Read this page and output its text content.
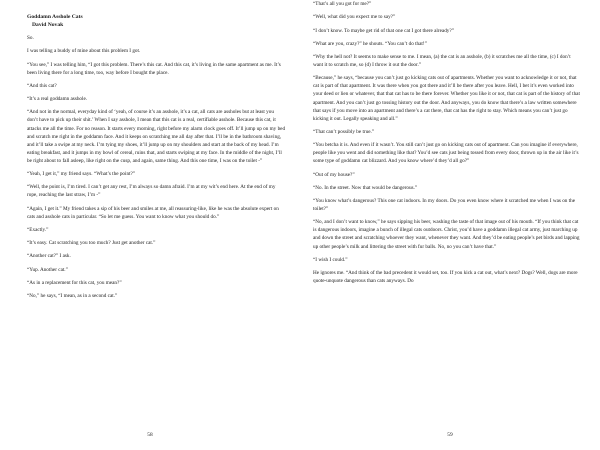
Goddamn Asshole Cats

David Novak

So.

I was telling a buddy of mine about this problem I got.

“You see,” I was telling him, “I got this problem. There’s this cat. And this cat, it’s living in the same apartment as me. It’s been living there for a long time, too, way before I bought the place.

“And this cat?

“It’s a real goddamn asshole.

“And not in the normal, everyday kind of ‘yeah, of course it’s an asshole, it’s a cat, all cats are assholes but at least you don’t have to pick up their shit.’ When I say asshole, I mean that this cat is a real, certifiable asshole. Because this cat, it attacks me all the time. For no reason. It starts every morning, right before my alarm clock goes off. It’ll jump up on my bed and scratch me right in the goddamn face. And it keeps on scratching me all day after that. I’ll be in the bathroom shaving, and it’ll take a swipe at my neck. I’m tying my shoes, it’ll jump up on my shoulders and start at the back of my head. I’m eating breakfast, and it jumps in my bowl of cereal, ruins that, and starts swiping at my face. In the middle of the night, I’ll be right about to fall asleep, like right on the cusp, and again, same thing. And this one time, I was on the toilet -”

“Yeah, I get it,” my friend says. “What’s the point?”

“Well, the point is, I’m tired. I can’t get any rest, I’m always so damn afraid. I’m at my wit’s end here. At the end of my rope, reaching the last straw, I’m -”

“Again, I get it.” My friend takes a sip of his beer and smiles at me, all reassuring-like, like he was the absolute expert on cats and asshole cats in particular. “So let me guess. You want to know what you should do.”

“Exactly.”

“It’s easy. Cat scratching you too much? Just get another cat.”

“Another cat?” I ask.

“Yup. Another cat.”

“As in a replacement for this cat, you mean?”

“No,” he says, “I mean, as in a second cat.”

58

“That’s all you got for me?”

“Well, what did you expect me to say?”

“I don’t know. To maybe get rid of that one cat I got there already?”

“What are you, crazy?” he shouts. “You can’t do that!”

“Why the hell not? It seems to make sense to me. I mean, (a) the cat is an asshole, (b) it scratches me all the time, (c) I don’t want it to scratch me, so (d) I throw it out the door.”

“Because,” he says, “because you can’t just go kicking cats out of apartments. Whether you want to acknowledge it or not, that cat is part of that apartment. It was there when you got there and it’ll be there after you leave. Hell, I bet it’s even worked into your deed or lien or whatever, that that cat has to be there forever. Whether you like it or not, that cat is part of the history of that apartment. And you can’t just go tossing history out the door. And anyways, you do know that there’s a law written somewhere that says if you move into an apartment and there’s a cat there, that cat has the right to stay. Which means you can’t just go kicking it out. Legally speaking and all.”

“That can’t possibly be true.”

“You betcha it is. And even if it wasn’t. You still can’t just go on kicking cats out of apartment. Can you imagine if everywhere, people like you went and did something like that? You’d see cats just being tossed from every door, thrown up in the air like it’s some type of goddamn cat blizzard. And you know where’d they’d all go?”

“Out of my house?”

“No. In the street. Now that would be dangerous.”

“You know what’s dangerous? This one cat indoors. In my doors. Do you even know where it scratched me when I was on the toilet?”

“No, and I don’t want to know,” he says sipping his beer, washing the taste of that image out of his mouth. “If you think that cat is dangerous indoors, imagine a bunch of illegal cats outdoors. Christ, you’d have a goddamn illegal cat army, just marching up and down the street and scratching whoever they want, whenever they want. And they’d be eating people’s pet birds and lapping up other people’s milk and littering the street with fur balls. No, no you can’t have that.”

“I wish I could.”

He ignores me. “And think of the bad precedent it would set, too. If you kick a cat out, what’s next? Dogs? Well, dogs are more quote-unquote dangerous than cats anyways. Do

59
